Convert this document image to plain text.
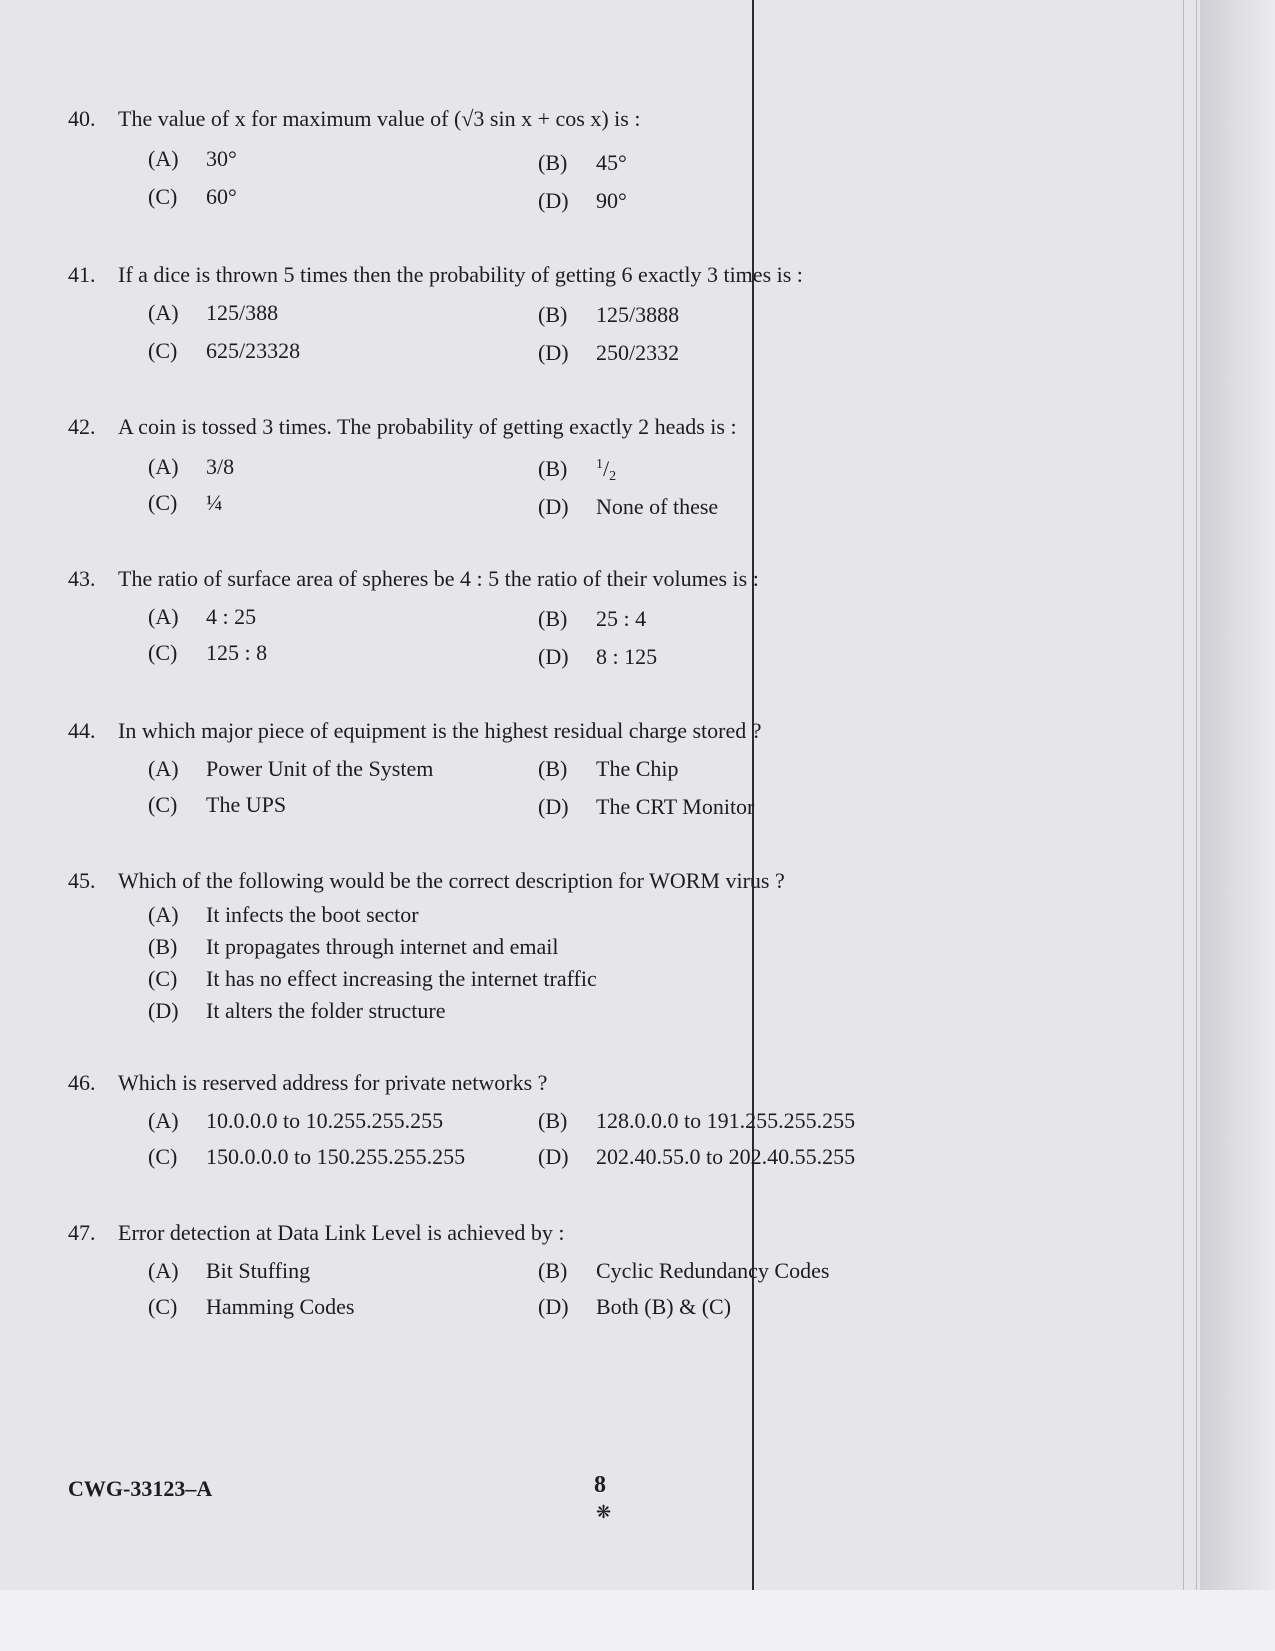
40. The value of x for maximum value of (√3 sin x + cos x) is :
(A) 30°	(B) 45°
(C) 60°	(D) 90°
41. If a dice is thrown 5 times then the probability of getting 6 exactly 3 times is :
(A) 125/388	(B) 125/3888
(C) 625/23328	(D) 250/2332
42. A coin is tossed 3 times. The probability of getting exactly 2 heads is :
(A) 3/8	(B) $^1/_2$
(C) ¼	(D) None of these
43. The ratio of surface area of spheres be 4 : 5 the ratio of their volumes is :
(A) 4 : 25	(B) 25 : 4
(C) 125 : 8	(D) 8 : 125
44. In which major piece of equipment is the highest residual charge stored ?
(A) Power Unit of the System	(B) The Chip
(C) The UPS	(D) The CRT Monitor
45. Which of the following would be the correct description for WORM virus ?
(A) It infects the boot sector
(B) It propagates through internet and email
(C) It has no effect increasing the internet traffic
(D) It alters the folder structure
46. Which is reserved address for private networks ?
(A) 10.0.0.0 to 10.255.255.255	(B) 128.0.0.0 to 191.255.255.255
(C) 150.0.0.0 to 150.255.255.255	(D) 202.40.55.0 to 202.40.55.255
47. Error detection at Data Link Level is achieved by :
(A) Bit Stuffing	(B) Cyclic Redundancy Codes
(C) Hamming Codes	(D) Both (B) & (C)
CWG-33123–A	8
❋
